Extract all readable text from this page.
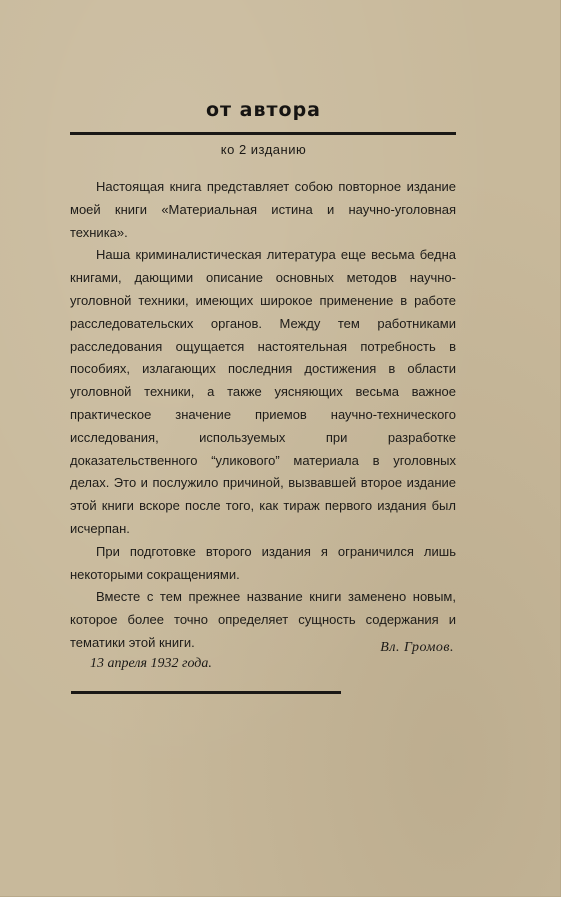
от автора
ко 2 изданию

Настоящая книга представляет собою повторное издание моей книги «Материальная истина и научно-уголовная техника».

Наша криминалистическая литература еще весьма бедна книгами, дающими описание основных методов научно-уголовной техники, имеющих широкое применение в работе расследовательских органов. Между тем работниками расследования ощущается настоятельная потребность в пособиях, излагающих последния достижения в области уголовной техники, а также уясняющих весьма важное практическое значение приемов научно-технического исследования, используемых при разработке доказательственного “уликового” материала в уголовных делах. Это и послужило причиной, вызвавшей второе издание этой книги вскоре после того, как тираж первого издания был исчерпан.

При подготовке второго издания я ограничился лишь некоторыми сокращениями.

Вместе с тем прежнее название книги заменено новым, которое более точно определяет сущность содержания и тематики этой книги.	Вл. Громов.
13 апреля 1932 года.
